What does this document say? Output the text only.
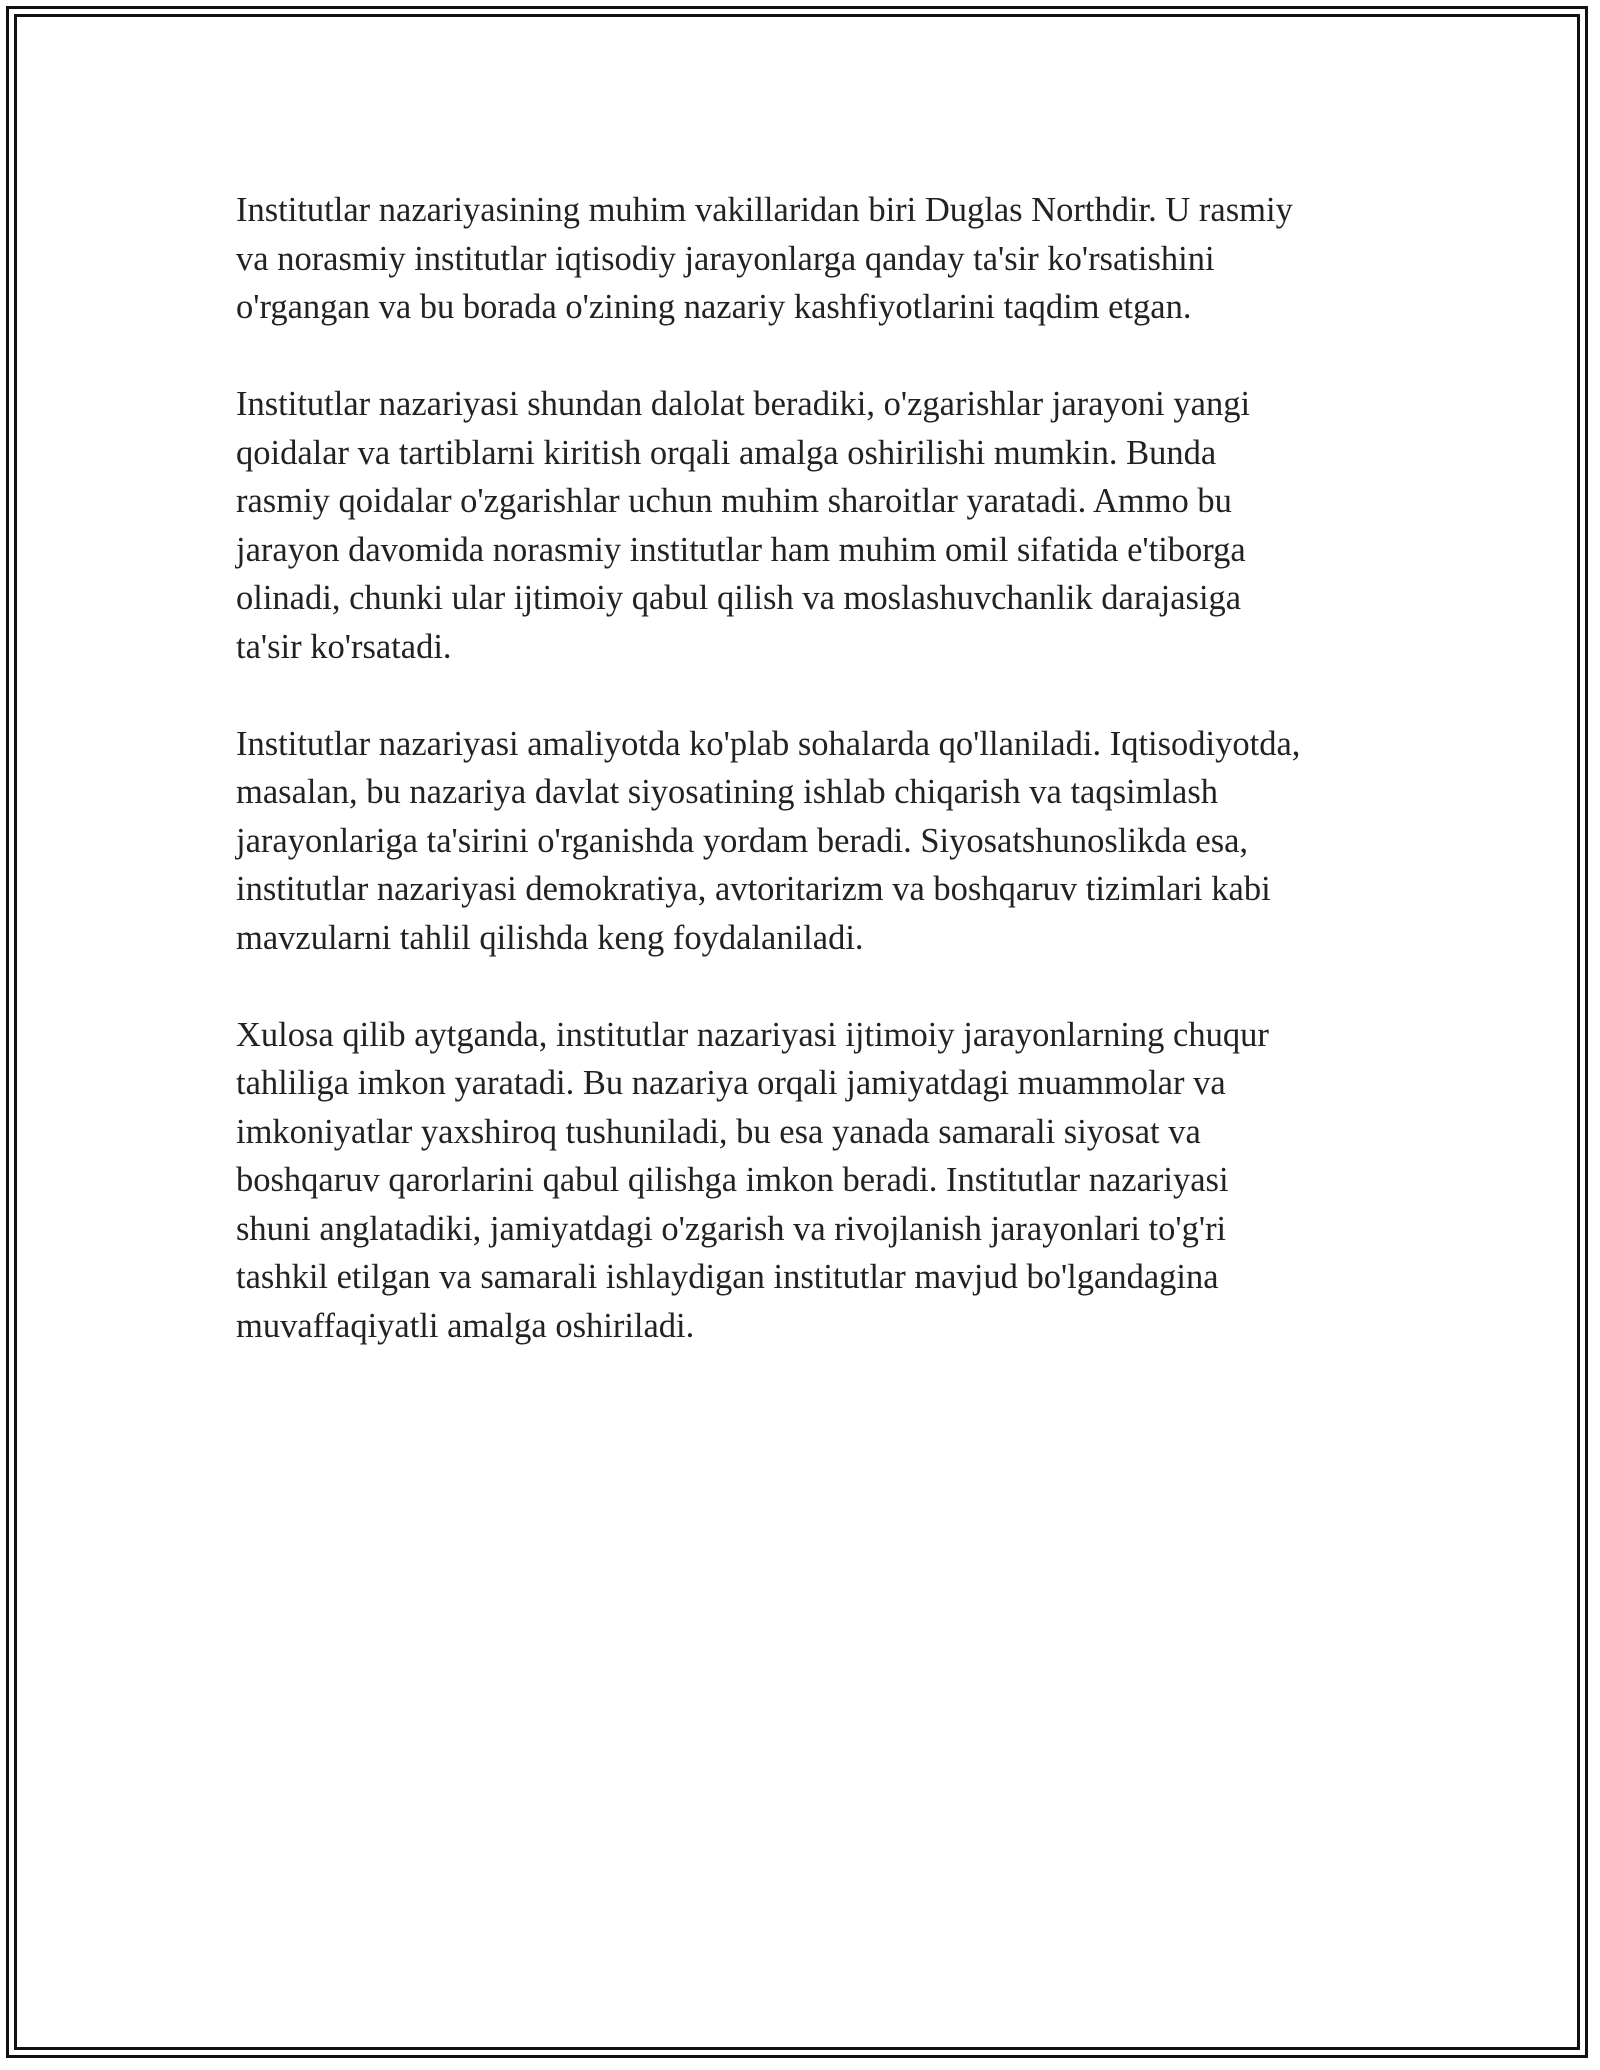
Institutlar nazariyasining muhim vakillaridan biri Duglas Northdir. U rasmiy
va norasmiy institutlar iqtisodiy jarayonlarga qanday ta'sir ko'rsatishini
o'rgangan va bu borada o'zining nazariy kashfiyotlarini taqdim etgan.

Institutlar nazariyasi shundan dalolat beradiki, o'zgarishlar jarayoni yangi
qoidalar va tartiblarni kiritish orqali amalga oshirilishi mumkin. Bunda
rasmiy qoidalar o'zgarishlar uchun muhim sharoitlar yaratadi. Ammo bu
jarayon davomida norasmiy institutlar ham muhim omil sifatida e'tiborga
olinadi, chunki ular ijtimoiy qabul qilish va moslashuvchanlik darajasiga
ta'sir ko'rsatadi.

Institutlar nazariyasi amaliyotda ko'plab sohalarda qo'llaniladi. Iqtisodiyotda,
masalan, bu nazariya davlat siyosatining ishlab chiqarish va taqsimlash
jarayonlariga ta'sirini o'rganishda yordam beradi. Siyosatshunoslikda esa,
institutlar nazariyasi demokratiya, avtoritarizm va boshqaruv tizimlari kabi
mavzularni tahlil qilishda keng foydalaniladi.

Xulosa qilib aytganda, institutlar nazariyasi ijtimoiy jarayonlarning chuqur
tahliliga imkon yaratadi. Bu nazariya orqali jamiyatdagi muammolar va
imkoniyatlar yaxshiroq tushuniladi, bu esa yanada samarali siyosat va
boshqaruv qarorlarini qabul qilishga imkon beradi. Institutlar nazariyasi
shuni anglatadiki, jamiyatdagi o'zgarish va rivojlanish jarayonlari to'g'ri
tashkil etilgan va samarali ishlaydigan institutlar mavjud bo'lgandagina
muvaffaqiyatli amalga oshiriladi.
